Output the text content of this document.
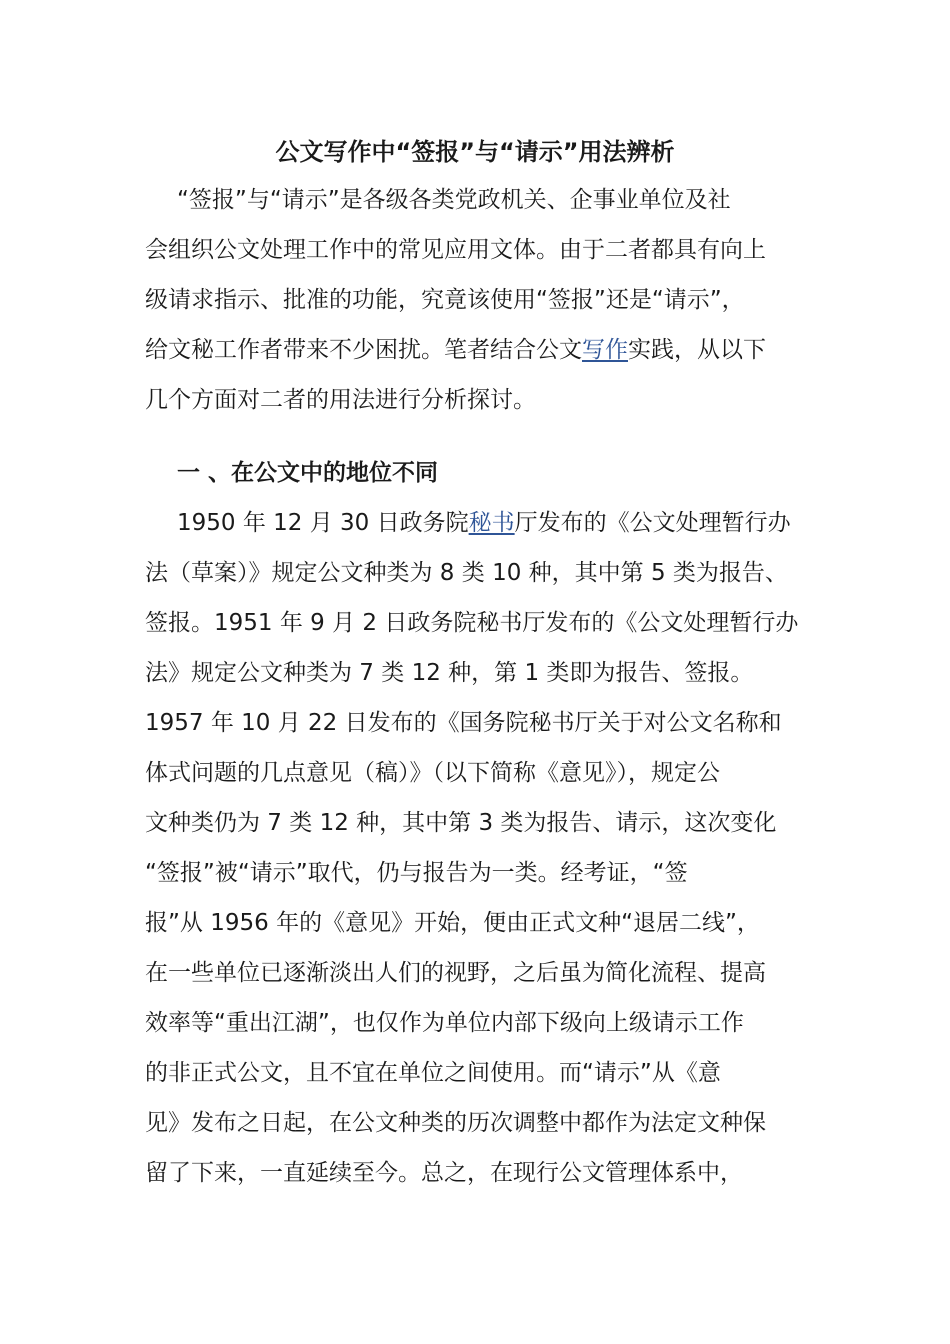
公文写作中“签报”与“请示”用法辨析

“签报”与“请示”是各级各类党政机关、企事业单位及社

会组织公文处理工作中的常见应用文体。由于二者都具有向上

级请求指示、批准的功能，究竟该使用“签报”还是“请示”，

给文秘工作者带来不少困扰。笔者结合公文写作实践，从以下

几个方面对二者的用法进行分析探讨。

一 、在公文中的地位不同

1950 年 12 月 30 日政务院秘书厅发布的《公文处理暂行办

法（草案）》规定公文种类为 8 类 10 种，其中第 5 类为报告、

签报。1951 年 9 月 2 日政务院秘书厅发布的《公文处理暂行办

法》规定公文种类为 7 类 12 种，第 1 类即为报告、签报。

1957 年 10 月 22 日发布的《国务院秘书厅关于对公文名称和

体式问题的几点意见（稿）》（以下简称《意见》），规定公

文种类仍为 7 类 12 种，其中第 3 类为报告、请示，这次变化

“签报”被“请示”取代，仍与报告为一类。经考证，“签

报”从 1956 年的《意见》开始，便由正式文种“退居二线”，

在一些单位已逐渐淡出人们的视野，之后虽为简化流程、提高

效率等“重出江湖”，也仅作为单位内部下级向上级请示工作

的非正式公文，且不宜在单位之间使用。而“请示”从《意

见》发布之日起，在公文种类的历次调整中都作为法定文种保

留了下来，一直延续至今。总之，在现行公文管理体系中，
